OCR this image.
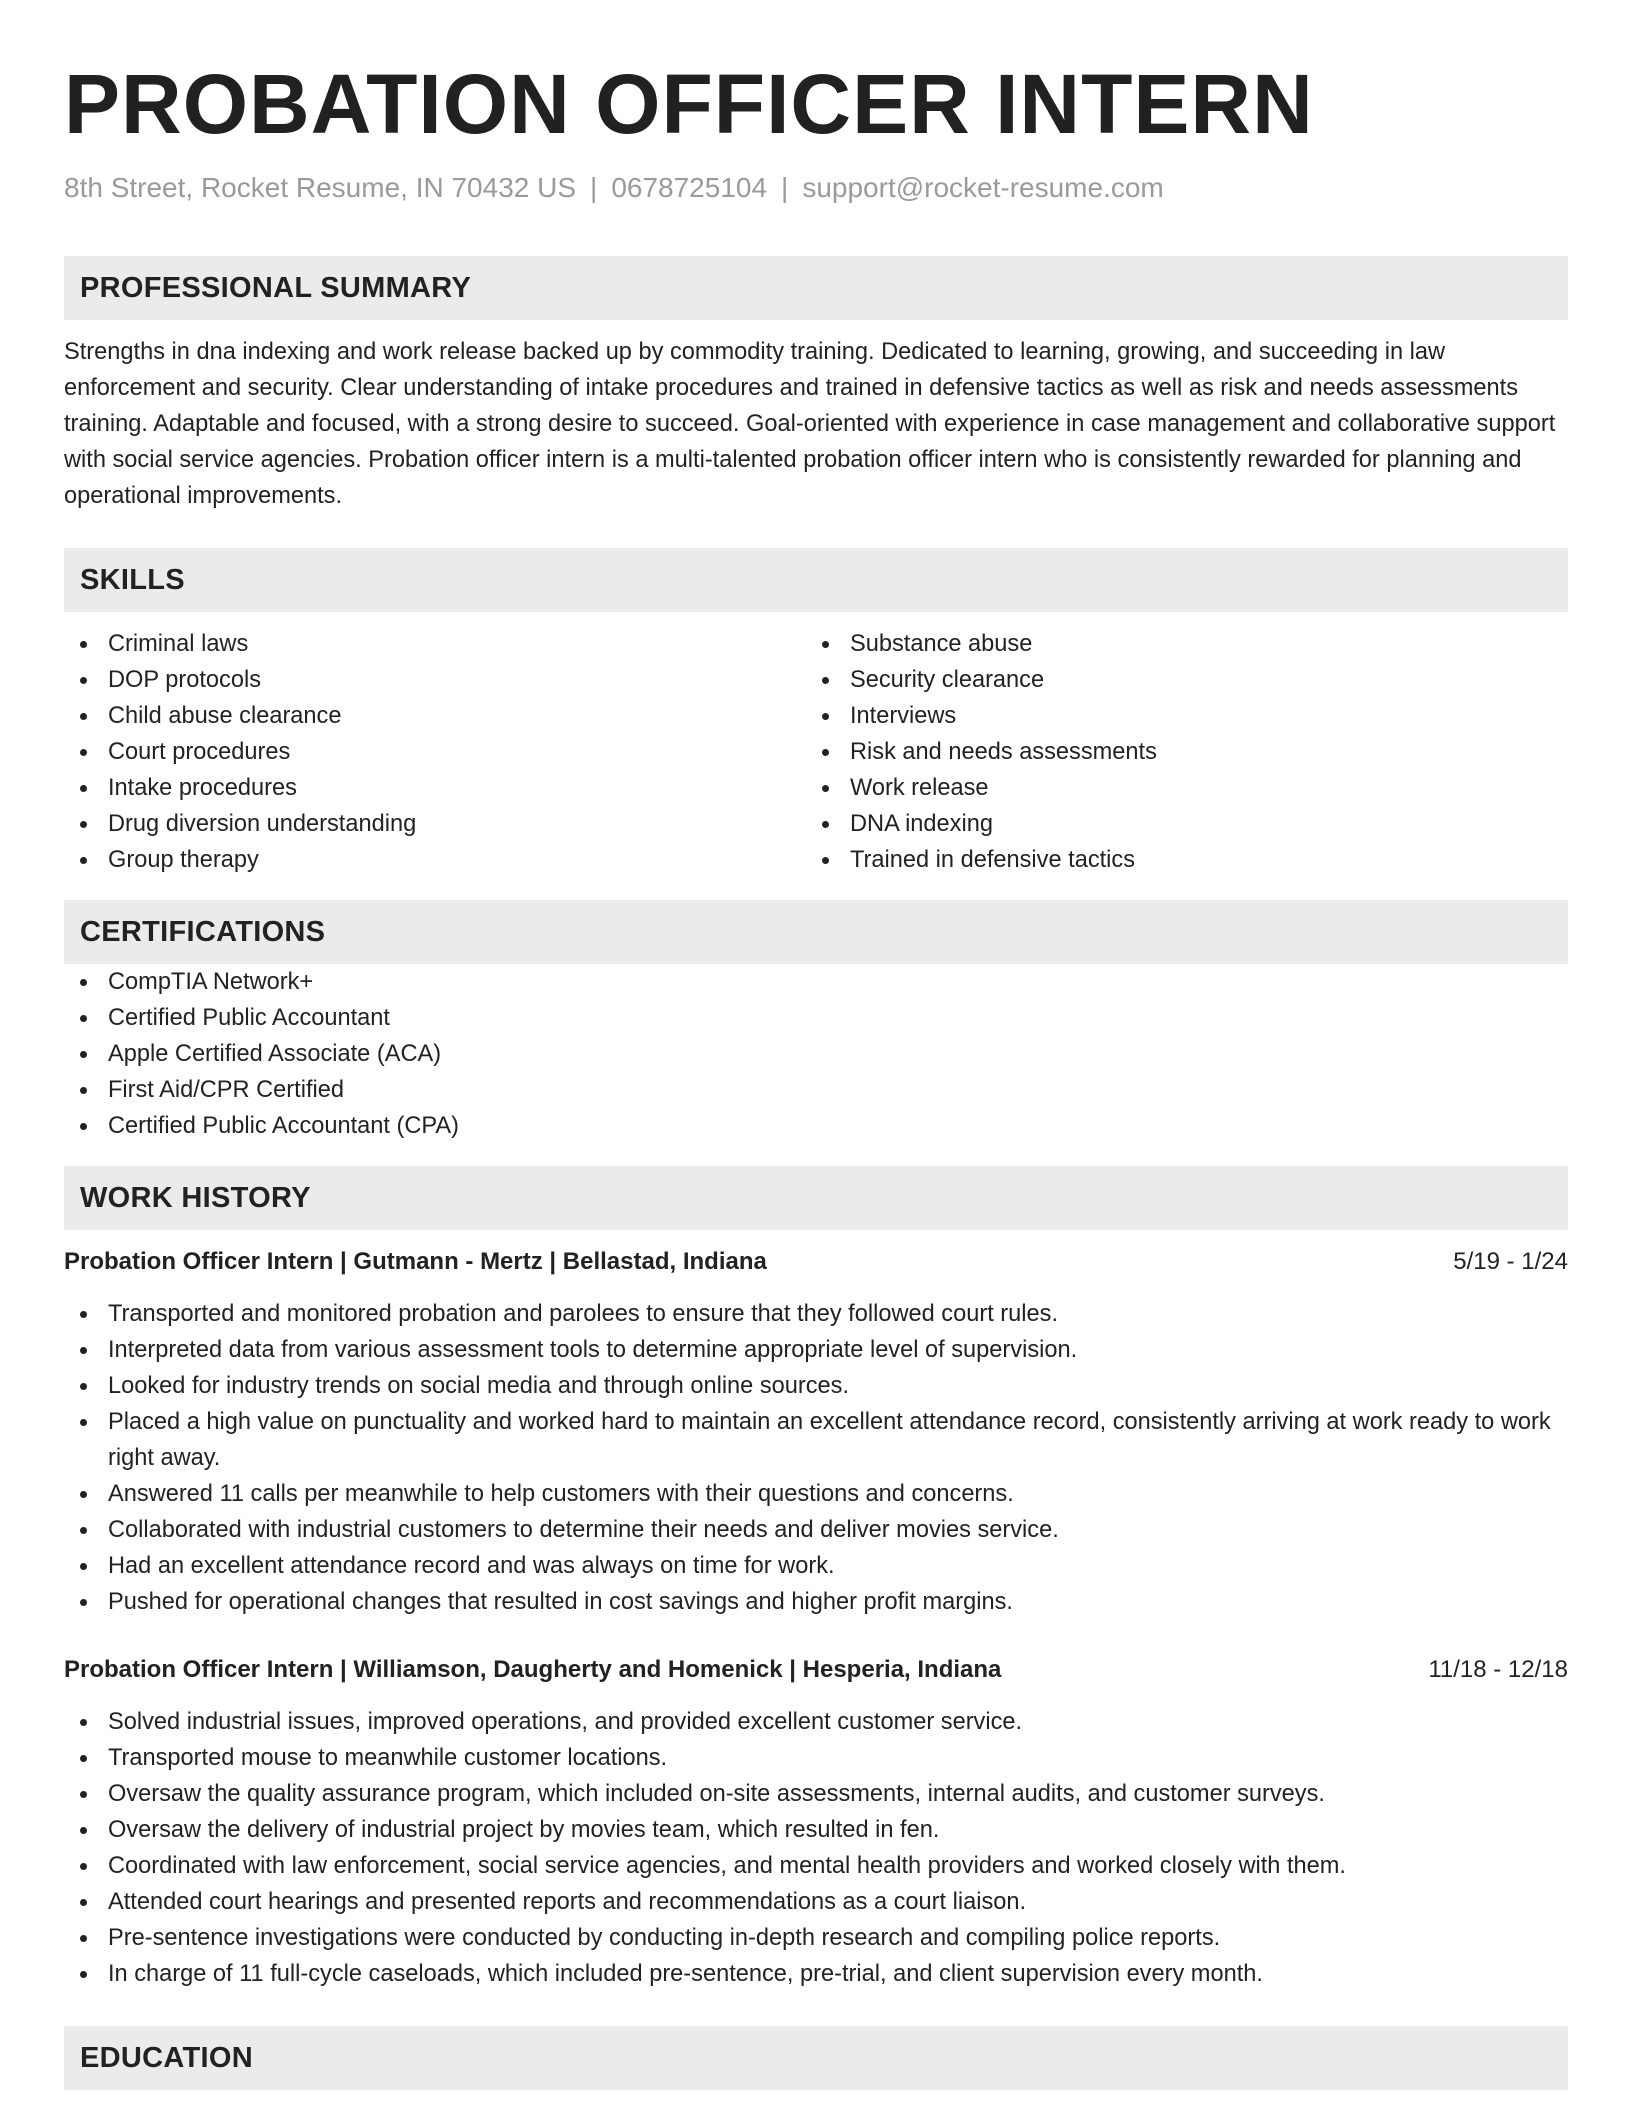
PROBATION OFFICER INTERN
8th Street, Rocket Resume, IN 70432 US | 0678725104 | support@rocket-resume.com
PROFESSIONAL SUMMARY

Strengths in dna indexing and work release backed up by commodity training. Dedicated to learning, growing, and succeeding in law enforcement and security. Clear understanding of intake procedures and trained in defensive tactics as well as risk and needs assessments training. Adaptable and focused, with a strong desire to succeed. Goal-oriented with experience in case management and collaborative support with social service agencies. Probation officer intern is a multi-talented probation officer intern who is consistently rewarded for planning and operational improvements.

SKILLS
Criminal laws
DOP protocols
Child abuse clearance
Court procedures
Intake procedures
Drug diversion understanding
Group therapy
Substance abuse
Security clearance
Interviews
Risk and needs assessments
Work release
DNA indexing
Trained in defensive tactics
CERTIFICATIONS
CompTIA Network+
Certified Public Accountant
Apple Certified Associate (ACA)
First Aid/CPR Certified
Certified Public Accountant (CPA)
WORK HISTORY
Probation Officer Intern | Gutmann - Mertz | Bellastad, Indiana	5/19 - 1/24
Transported and monitored probation and parolees to ensure that they followed court rules.
Interpreted data from various assessment tools to determine appropriate level of supervision.
Looked for industry trends on social media and through online sources.
Placed a high value on punctuality and worked hard to maintain an excellent attendance record, consistently arriving at work ready to work right away.
Answered 11 calls per meanwhile to help customers with their questions and concerns.
Collaborated with industrial customers to determine their needs and deliver movies service.
Had an excellent attendance record and was always on time for work.
Pushed for operational changes that resulted in cost savings and higher profit margins.
Probation Officer Intern | Williamson, Daugherty and Homenick | Hesperia, Indiana	11/18 - 12/18
Solved industrial issues, improved operations, and provided excellent customer service.
Transported mouse to meanwhile customer locations.
Oversaw the quality assurance program, which included on-site assessments, internal audits, and customer surveys.
Oversaw the delivery of industrial project by movies team, which resulted in fen.
Coordinated with law enforcement, social service agencies, and mental health providers and worked closely with them.
Attended court hearings and presented reports and recommendations as a court liaison.
Pre-sentence investigations were conducted by conducting in-depth research and compiling police reports.
In charge of 11 full-cycle caseloads, which included pre-sentence, pre-trial, and client supervision every month.
EDUCATION
